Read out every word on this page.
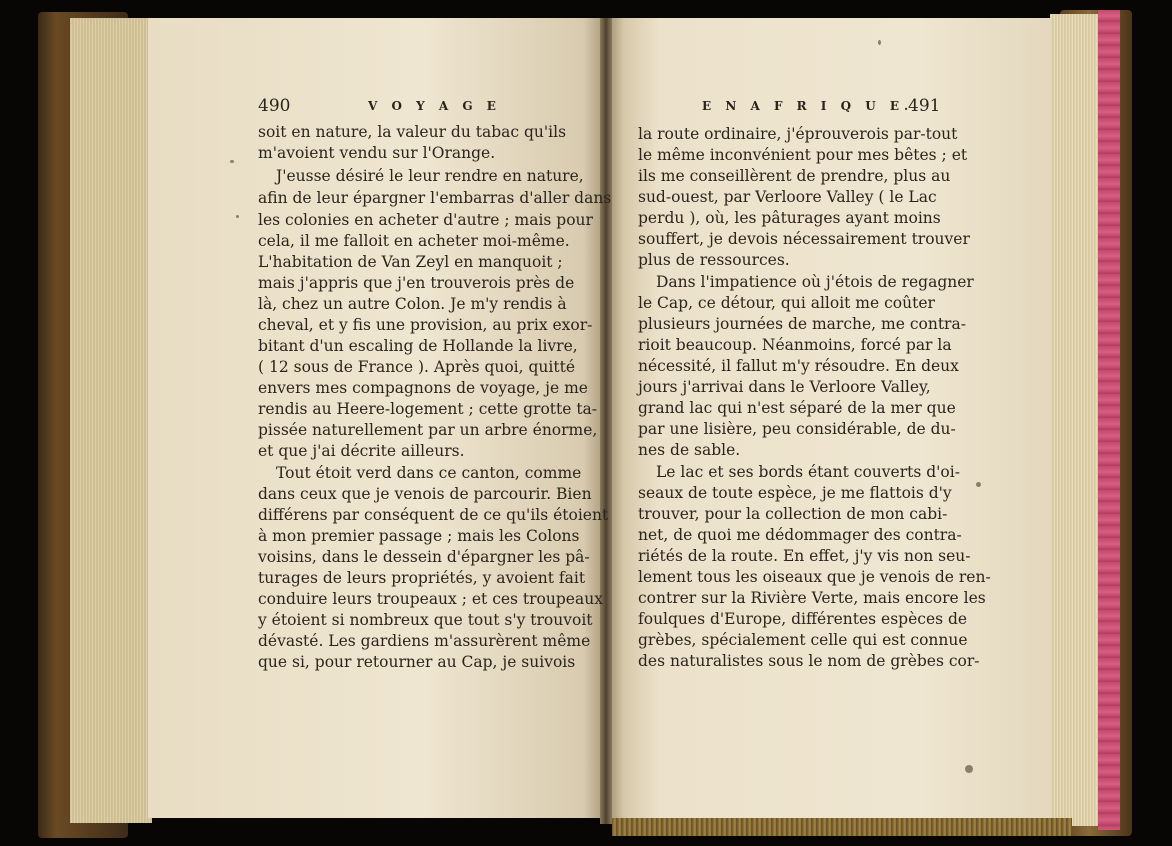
490	V O Y A G E	E N A F R I Q U E.
491
soit en nature, la valeur du tabac qu'ils
m'avoient vendu sur l'Orange.
J'eusse désiré le leur rendre en nature,
afin de leur épargner l'embarras d'aller dans
les colonies en acheter d'autre ; mais pour
cela, il me falloit en acheter moi-même.
L'habitation de Van Zeyl en manquoit ;
mais j'appris que j'en trouverois près de
là, chez un autre Colon. Je m'y rendis à
cheval, et y fis une provision, au prix exor-
bitant d'un escaling de Hollande la livre,
( 12 sous de France ). Après quoi, quitté
envers mes compagnons de voyage, je me
rendis au Heere-logement ; cette grotte ta-
pissée naturellement par un arbre énorme,
et que j'ai décrite ailleurs.
Tout étoit verd dans ce canton, comme
dans ceux que je venois de parcourir. Bien
différens par conséquent de ce qu'ils étoient
à mon premier passage ; mais les Colons
voisins, dans le dessein d'épargner les pâ-
turages de leurs propriétés, y avoient fait
conduire leurs troupeaux ; et ces troupeaux
y étoient si nombreux que tout s'y trouvoit
dévasté. Les gardiens m'assurèrent même
que si, pour retourner au Cap, je suivois
la route ordinaire, j'éprouverois par-tout
le même inconvénient pour mes bêtes ; et
ils me conseillèrent de prendre, plus au
sud-ouest, par Verloore Valley ( le Lac
perdu ), où, les pâturages ayant moins
souffert, je devois nécessairement trouver
plus de ressources.
Dans l'impatience où j'étois de regagner
le Cap, ce détour, qui alloit me coûter
plusieurs journées de marche, me contra-
rioit beaucoup. Néanmoins, forcé par la
nécessité, il fallut m'y résoudre. En deux
jours j'arrivai dans le Verloore Valley,
grand lac qui n'est séparé de la mer que
par une lisière, peu considérable, de du-
nes de sable.
Le lac et ses bords étant couverts d'oi-
seaux de toute espèce, je me flattois d'y
trouver, pour la collection de mon cabi-
net, de quoi me dédommager des contra-
riétés de la route. En effet, j'y vis non seu-
lement tous les oiseaux que je venois de ren-
contrer sur la Rivière Verte, mais encore les
foulques d'Europe, différentes espèces de
grèbes, spécialement celle qui est connue
des naturalistes sous le nom de grèbes cor-
